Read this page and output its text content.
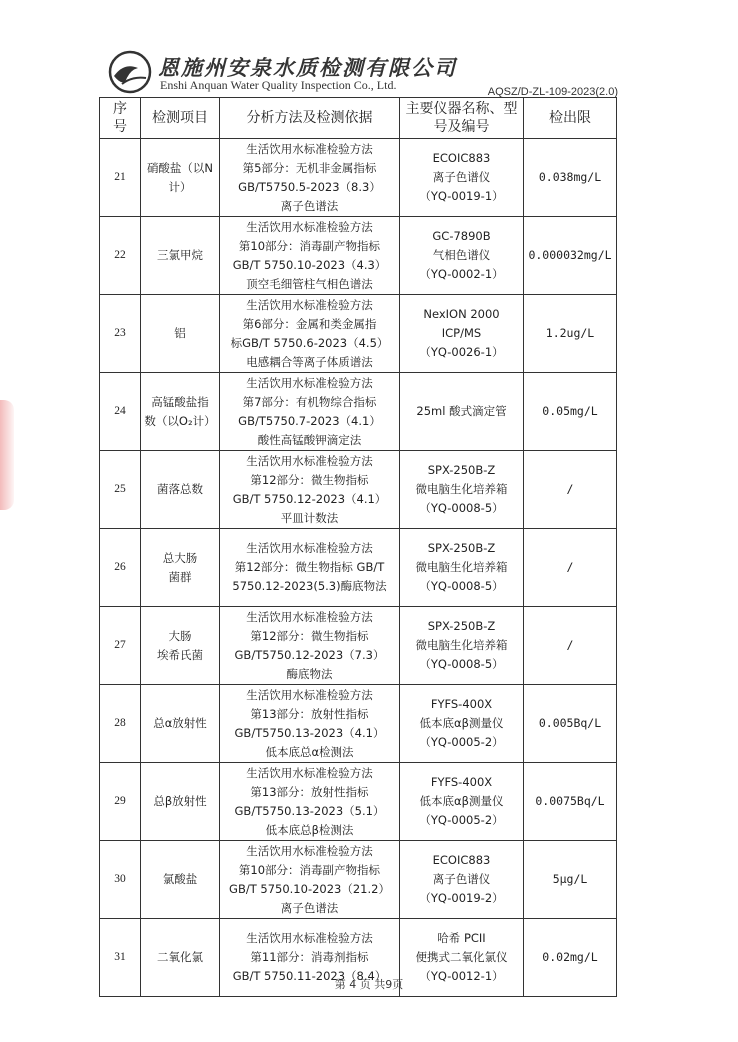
恩施州安泉水质检测有限公司
Enshi Anquan Water Quality Inspection Co., Ltd.	AQSZ/D-ZL-109-2023(2.0)
序号	检测项目	分析方法及检测依据	主要仪器名称、型号及编号	检出限
21	硝酸盐（以N
计）	生活饮用水标准检验方法
第5部分：无机非金属指标
GB/T5750.5-2023（8.3）
离子色谱法	ECOIC883
离子色谱仪
（YQ-0019-1）	0.038mg/L
22	三氯甲烷	生活饮用水标准检验方法
第10部分：消毒副产物指标
GB/T 5750.10-2023（4.3）
顶空毛细管柱气相色谱法	GC-7890B
气相色谱仪
（YQ-0002-1）	0.000032mg/L
23	铝	生活饮用水标准检验方法
第6部分：金属和类金属指
标GB/T 5750.6-2023（4.5）
电感耦合等离子体质谱法	NexION 2000
ICP/MS
（YQ-0026-1）	1.2ug/L
24	高锰酸盐指
数（以O₂计）	生活饮用水标准检验方法
第7部分：有机物综合指标
GB/T5750.7-2023（4.1）
酸性高锰酸钾滴定法	25ml 酸式滴定管	0.05mg/L
25	菌落总数	生活饮用水标准检验方法
第12部分：微生物指标
GB/T 5750.12-2023（4.1）
平皿计数法	SPX-250B-Z
微电脑生化培养箱
（YQ-0008-5）	/
26	总大肠
菌群	生活饮用水标准检验方法
第12部分：微生物指标 GB/T
5750.12-2023(5.3)酶底物法	SPX-250B-Z
微电脑生化培养箱
（YQ-0008-5）	/
27	大肠
埃希氏菌	生活饮用水标准检验方法
第12部分：微生物指标
GB/T5750.12-2023（7.3）
酶底物法	SPX-250B-Z
微电脑生化培养箱
（YQ-0008-5）	/
28	总α放射性	生活饮用水标准检验方法
第13部分：放射性指标
GB/T5750.13-2023（4.1）
低本底总α检测法	FYFS-400X
低本底αβ测量仪
（YQ-0005-2）	0.005Bq/L
29	总β放射性	生活饮用水标准检验方法
第13部分：放射性指标
GB/T5750.13-2023（5.1）
低本底总β检测法	FYFS-400X
低本底αβ测量仪
（YQ-0005-2）	0.0075Bq/L
30	氯酸盐	生活饮用水标准检验方法
第10部分：消毒副产物指标
GB/T 5750.10-2023（21.2）
离子色谱法	ECOIC883
离子色谱仪
（YQ-0019-2）	5μg/L
31	二氧化氯	生活饮用水标准检验方法
第11部分：消毒剂指标
GB/T 5750.11-2023（8.4）	哈希 PCII
便携式二氧化氯仪
（YQ-0012-1）	0.02mg/L
第 4 页 共9页
